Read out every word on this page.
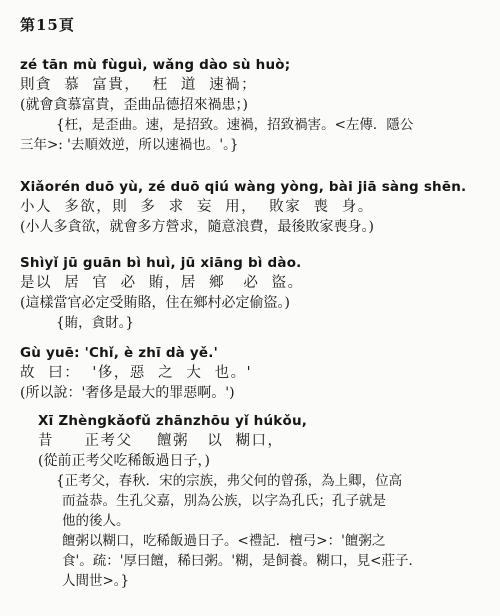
第15頁
zé tān mù fùguì, wǎng dào sù huò;
則貪  慕  富貴，  枉  道  速禍；
(就會貪慕富貴，歪曲品德招來禍患；)
{枉，是歪曲。速，是招致。速禍，招致禍害。<左傳．隱公
三年>: '去順效逆，所以速禍也。'。}
Xiǎorén duō yù, zé duō qiú wàng yòng, bài jiā sàng shēn.
小人  多欲，則  多  求  妄  用，  敗家  喪  身。
(小人多貪欲，就會多方營求，隨意浪費，最後敗家喪身。)
Shìyǐ jū guān bì huì, jū xiāng bì dào.
是以  居  官  必  賄，居  鄉   必  盜。
(這樣當官必定受賄賂，住在鄉村必定偷盜。)
{賄，貪財。}
Gù yuē: 'Chǐ, è zhī dà yě.'
故  曰：  '侈，惡  之  大  也。'
(所以說：'奢侈是最大的罪惡啊。')
Xī Zhèngkǎofǔ zhānzhōu yǐ húkǒu,
昔     正考父    饘粥   以  糊口，
(從前正考父吃稀飯過日子，)
{正考父，春秋．宋的宗族，弗父何的曾孫，為上卿，位高
而益恭。生孔父嘉，別為公族，以字為孔氏；孔子就是
他的後人。
饘粥以糊口，吃稀飯過日子。<禮記．檀弓>：'饘粥之
食'。疏：'厚曰饘，稀曰粥。'糊，是飼養。糊口，見<莊子．
人間世>。}
